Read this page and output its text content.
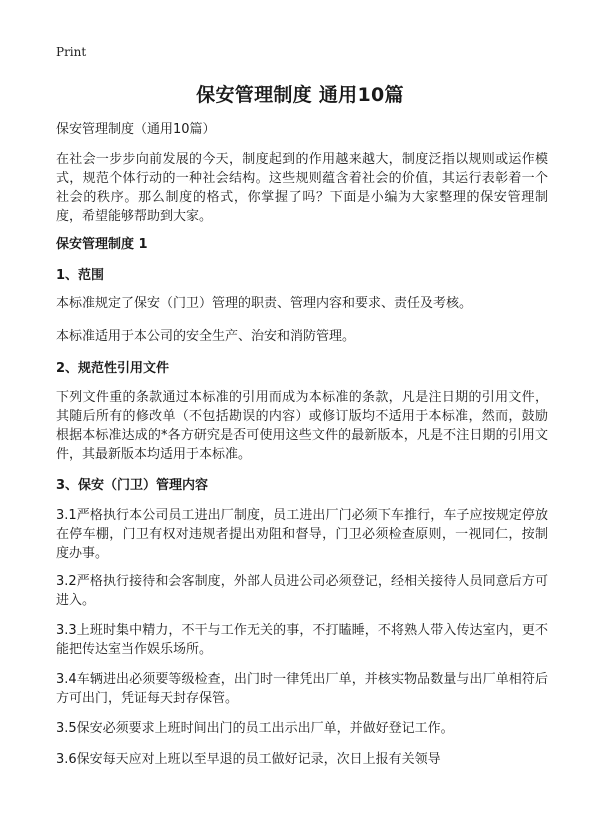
Print
保安管理制度 通用10篇

保安管理制度（通用10篇）

在社会一步步向前发展的今天，制度起到的作用越来越大，制度泛指以规则或运作模式，规范个体行动的一种社会结构。这些规则蕴含着社会的价值，其运行表彰着一个社会的秩序。那么制度的格式，你掌握了吗？下面是小编为大家整理的保安管理制度，希望能够帮助到大家。

保安管理制度 1

1、范围

本标准规定了保安（门卫）管理的职责、管理内容和要求、责任及考核。

本标准适用于本公司的安全生产、治安和消防管理。

2、规范性引用文件

下列文件重的条款通过本标准的引用而成为本标准的条款，凡是注日期的引用文件，其随后所有的修改单（不包括勘误的内容）或修订版均不适用于本标准，然而，鼓励根据本标准达成的*各方研究是否可使用这些文件的最新版本，凡是不注日期的引用文件，其最新版本均适用于本标准。

3、保安（门卫）管理内容

3.1严格执行本公司员工进出厂制度，员工进出厂门必须下车推行，车子应按规定停放在停车棚，门卫有权对违规者提出劝阻和督导，门卫必须检查原则，一视同仁，按制度办事。

3.2严格执行接待和会客制度，外部人员进公司必须登记，经相关接待人员同意后方可进入。

3.3上班时集中精力，不干与工作无关的事，不打瞌睡，不将熟人带入传达室内，更不能把传达室当作娱乐场所。

3.4车辆进出必须要等级检查，出门时一律凭出厂单，并核实物品数量与出厂单相符后方可出门，凭证每天封存保管。

3.5保安必须要求上班时间出门的员工出示出厂单，并做好登记工作。

3.6保安每天应对上班以至早退的员工做好记录，次日上报有关领导
